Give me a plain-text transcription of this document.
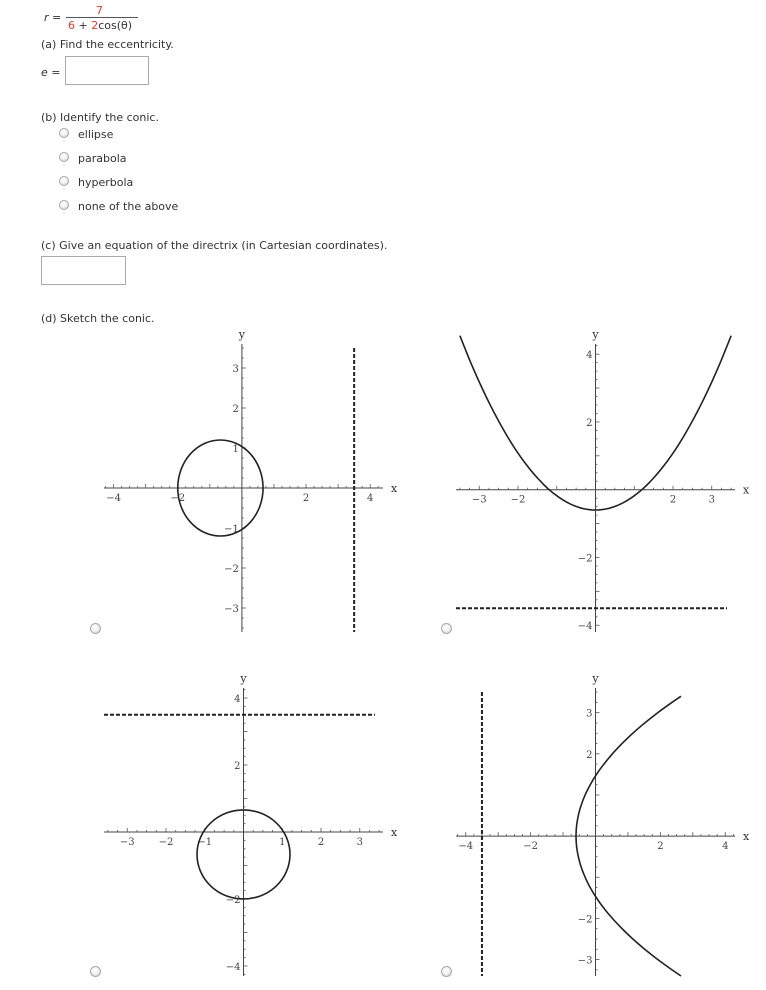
r =
7
6 + 2cos(θ)
(a) Find the eccentricity.
e =
(b) Identify the conic.
ellipse
parabola
hyperbola
none of the above
(c) Give an equation of the directrix (in Cartesian coordinates).
(d) Sketch the conic.
−4	−2	2	4
−3
−2
−1
1
2
3
x
y
−3 −2	2	3
−4
−2
2
4
x
y
−3 −2 −1	1	2	3
−4
−2
2
4
x
y
−4	−2	2	4
−3
−2
2
3
x
y
